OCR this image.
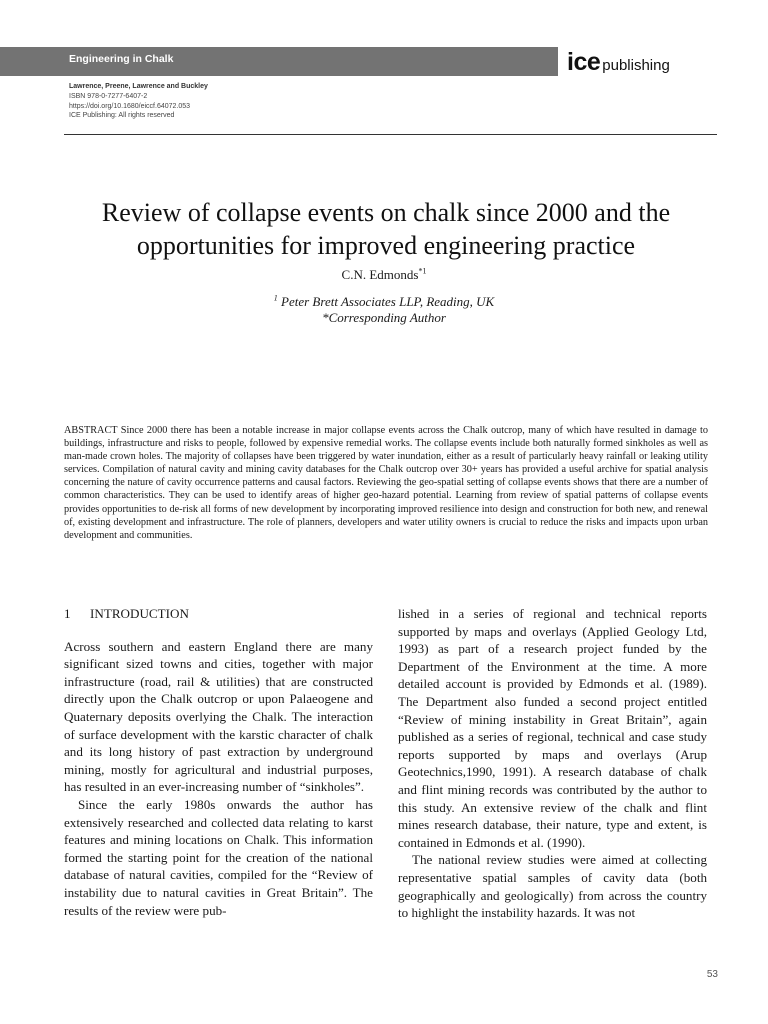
Engineering in Chalk	ice publishing
Lawrence, Preene, Lawrence and Buckley
ISBN 978-0-7277-6407-2
https://doi.org/10.1680/eiccf.64072.053
ICE Publishing: All rights reserved
Review of collapse events on chalk since 2000 and the
opportunities for improved engineering practice
C.N. Edmonds$^{*1}$
$^1$ Peter Brett Associates LLP, Reading, UK
*Corresponding Author
ABSTRACT Since 2000 there has been a notable increase in major collapse events across the Chalk outcrop, many of which have resulted in damage to buildings, infrastructure and risks to people, followed by expensive remedial works. The collapse events include both naturally formed sinkholes as well as man-made crown holes. The majority of collapses have been triggered by water inundation, either as a result of particularly heavy rainfall or leaking utility services. Compilation of natural cavity and mining cavity databases for the Chalk outcrop over 30+ years has provided a useful archive for spatial analysis concerning the nature of cavity occurrence patterns and causal factors. Reviewing the geo-spatial setting of collapse events shows that there are a number of common characteristics. They can be used to identify areas of higher geo-hazard potential. Learning from review of spatial patterns of collapse events provides opportunities to de-risk all forms of new development by incorporating improved resilience into design and construction for both new, and renewal of, existing development and infrastructure. The role of planners, developers and water utility owners is crucial to reduce the risks and impacts upon urban development and communities.
1 INTRODUCTION

Across southern and eastern England there are many significant sized towns and cities, together with major infrastructure (road, rail & utilities) that are constructed directly upon the Chalk outcrop or upon Palaeogene and Quaternary deposits overlying the Chalk. The interaction of surface development with the karstic character of chalk and its long history of past extraction by underground mining, mostly for agricultural and industrial purposes, has resulted in an ever-increasing number of “sinkholes”.

Since the early 1980s onwards the author has extensively researched and collected data relating to karst features and mining locations on Chalk. This information formed the starting point for the creation of the national database of natural cavities, compiled for the “Review of instability due to natural cavities in Great Britain”. The results of the review were pub-

lished in a series of regional and technical reports supported by maps and overlays (Applied Geology Ltd, 1993) as part of a research project funded by the Department of the Environment at the time. A more detailed account is provided by Edmonds et al. (1989). The Department also funded a second project entitled “Review of mining instability in Great Britain”, again published as a series of regional, technical and case study reports supported by maps and overlays (Arup Geotechnics,1990, 1991). A research database of chalk and flint mining records was contributed by the author to this study. An extensive review of the chalk and flint mines research database, their nature, type and extent, is contained in Edmonds et al. (1990).

The national review studies were aimed at collecting representative spatial samples of cavity data (both geographically and geologically) from across the country to highlight the instability hazards. It was not

53
